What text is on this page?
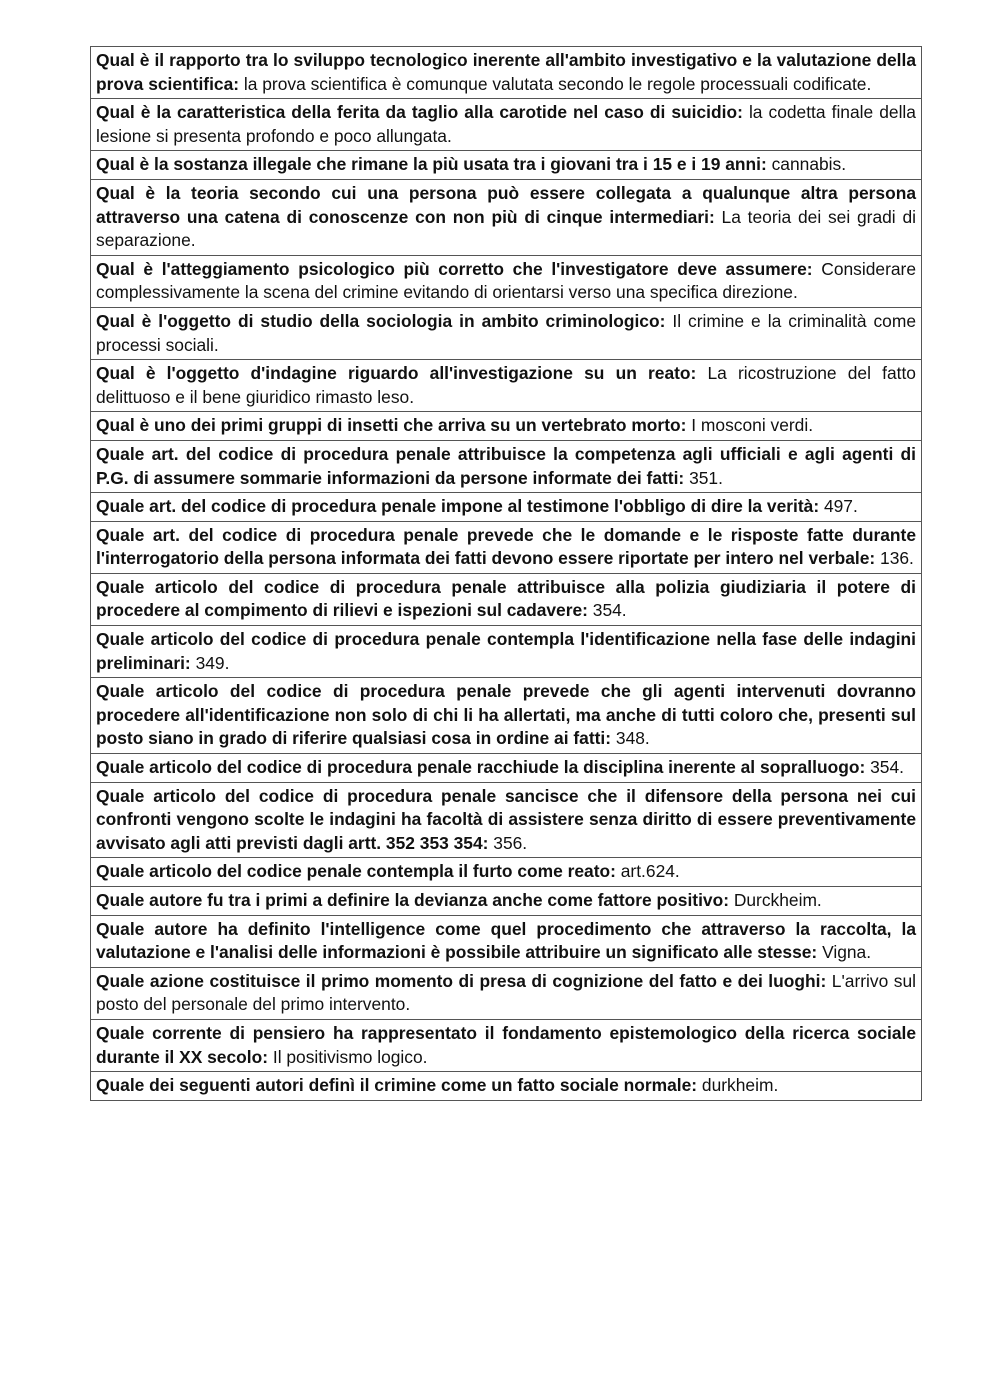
Qual è il rapporto tra lo sviluppo tecnologico inerente all'ambito investigativo e la valutazione della prova scientifica: la prova scientifica è comunque valutata secondo le regole processuali codificate.
Qual è la caratteristica della ferita da taglio alla carotide nel caso di suicidio: la codetta finale della lesione si presenta profondo e poco allungata.
Qual è la sostanza illegale che rimane la più usata tra i giovani tra i 15 e i 19 anni: cannabis.
Qual è la teoria secondo cui una persona può essere collegata a qualunque altra persona attraverso una catena di conoscenze con non più di cinque intermediari: La teoria dei sei gradi di separazione.
Qual è l'atteggiamento psicologico più corretto che l'investigatore deve assumere: Considerare complessivamente la scena del crimine evitando di orientarsi verso una specifica direzione.
Qual è l'oggetto di studio della sociologia in ambito criminologico: Il crimine e la criminalità come processi sociali.
Qual è l'oggetto d'indagine riguardo all'investigazione su un reato: La ricostruzione del fatto delittuoso e il bene giuridico rimasto leso.
Qual è uno dei primi gruppi di insetti che arriva su un vertebrato morto: I mosconi verdi.
Quale art. del codice di procedura penale attribuisce la competenza agli ufficiali e agli agenti di P.G. di assumere sommarie informazioni da persone informate dei fatti: 351.
Quale art. del codice di procedura penale impone al testimone l'obbligo di dire la verità: 497.
Quale art. del codice di procedura penale prevede che le domande e le risposte fatte durante l'interrogatorio della persona informata dei fatti devono essere riportate per intero nel verbale: 136.
Quale articolo del codice di procedura penale attribuisce alla polizia giudiziaria il potere di procedere al compimento di rilievi e ispezioni sul cadavere: 354.
Quale articolo del codice di procedura penale contempla l'identificazione nella fase delle indagini preliminari: 349.
Quale articolo del codice di procedura penale prevede che gli agenti intervenuti dovranno procedere all'identificazione non solo di chi li ha allertati, ma anche di tutti coloro che, presenti sul posto siano in grado di riferire qualsiasi cosa in ordine ai fatti: 348.
Quale articolo del codice di procedura penale racchiude la disciplina inerente al sopralluogo: 354.
Quale articolo del codice di procedura penale sancisce che il difensore della persona nei cui confronti vengono scolte le indagini ha facoltà di assistere senza diritto di essere preventivamente avvisato agli atti previsti dagli artt. 352 353 354: 356.
Quale articolo del codice penale contempla il furto come reato: art.624.
Quale autore fu tra i primi a definire la devianza anche come fattore positivo: Durckheim.
Quale autore ha definito l'intelligence come quel procedimento che attraverso la raccolta, la valutazione e l'analisi delle informazioni è possibile attribuire un significato alle stesse: Vigna.
Quale azione costituisce il primo momento di presa di cognizione del fatto e dei luoghi: L'arrivo sul posto del personale del primo intervento.
Quale corrente di pensiero ha rappresentato il fondamento epistemologico della ricerca sociale durante il XX secolo: Il positivismo logico.
Quale dei seguenti autori definì il crimine come un fatto sociale normale: durkheim.
